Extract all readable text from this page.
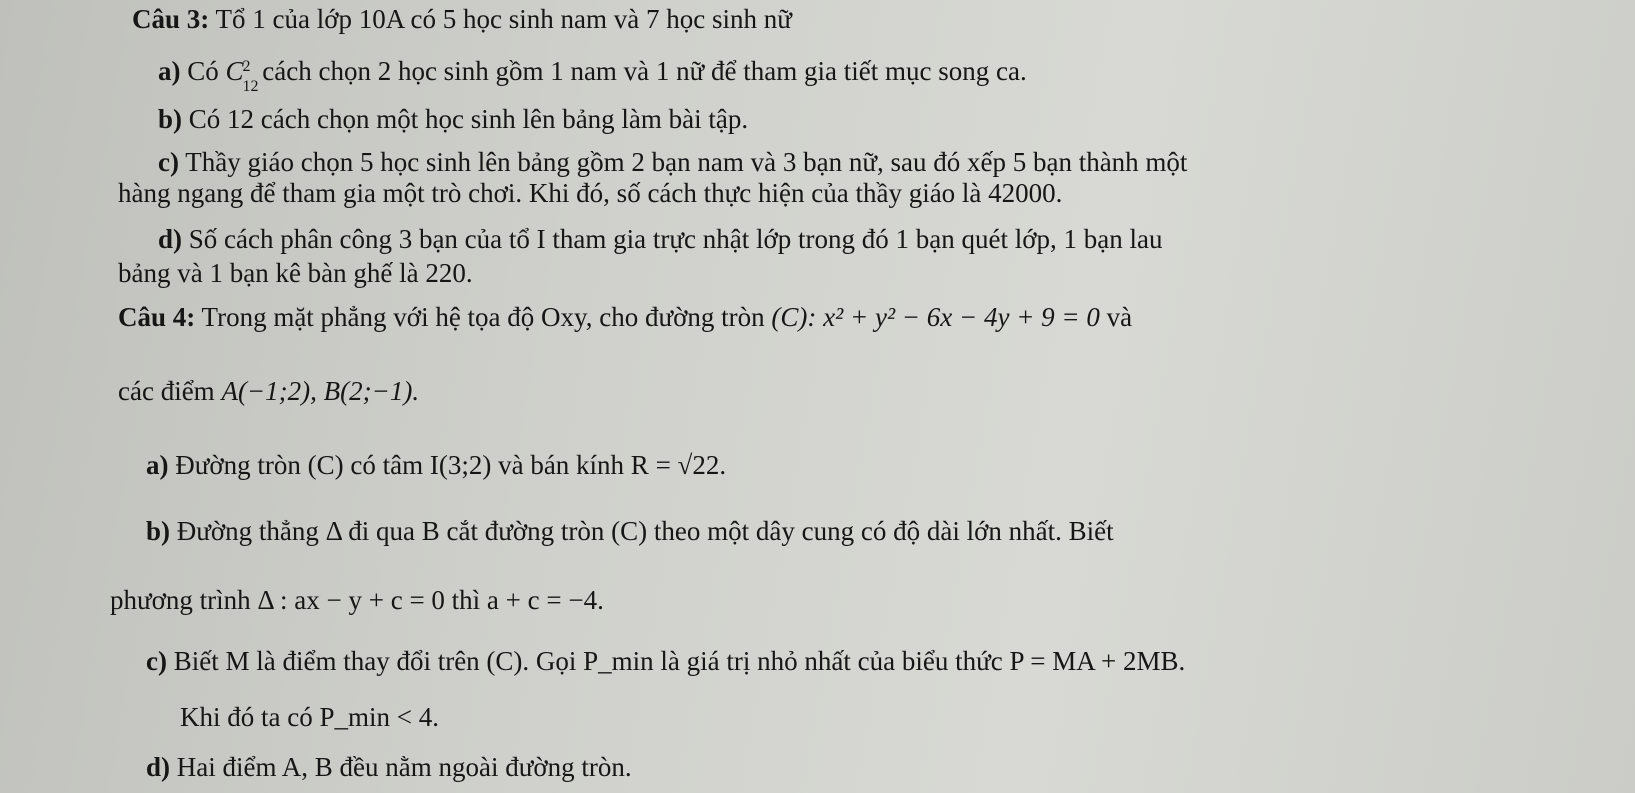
Câu 3: Tổ 1 của lớp 10A có 5 học sinh nam và 7 học sinh nữ
a) Có C
2
12
cách chọn 2 học sinh gồm 1 nam và 1 nữ để tham gia tiết mục song ca.
b) Có 12 cách chọn một học sinh lên bảng làm bài tập.
c) Thầy giáo chọn 5 học sinh lên bảng gồm 2 bạn nam và 3 bạn nữ, sau đó xếp 5 bạn thành một
hàng ngang để tham gia một trò chơi. Khi đó, số cách thực hiện của thầy giáo là 42000.
d) Số cách phân công 3 bạn của tổ I tham gia trực nhật lớp trong đó 1 bạn quét lớp, 1 bạn lau
bảng và 1 bạn kê bàn ghế là 220.
Câu 4: Trong mặt phẳng với hệ tọa độ Oxy, cho đường tròn (C): x² + y² − 6x − 4y + 9 = 0 và
các điểm A(−1;2), B(2;−1).
a) Đường tròn (C) có tâm I(3;2) và bán kính R = √22.
b) Đường thẳng Δ đi qua B cắt đường tròn (C) theo một dây cung có độ dài lớn nhất. Biết
phương trình Δ : ax − y + c = 0 thì a + c = −4.
c) Biết M là điểm thay đổi trên (C). Gọi P_min là giá trị nhỏ nhất của biểu thức P = MA + 2MB.
Khi đó ta có P_min < 4.
d) Hai điểm A, B đều nằm ngoài đường tròn.
